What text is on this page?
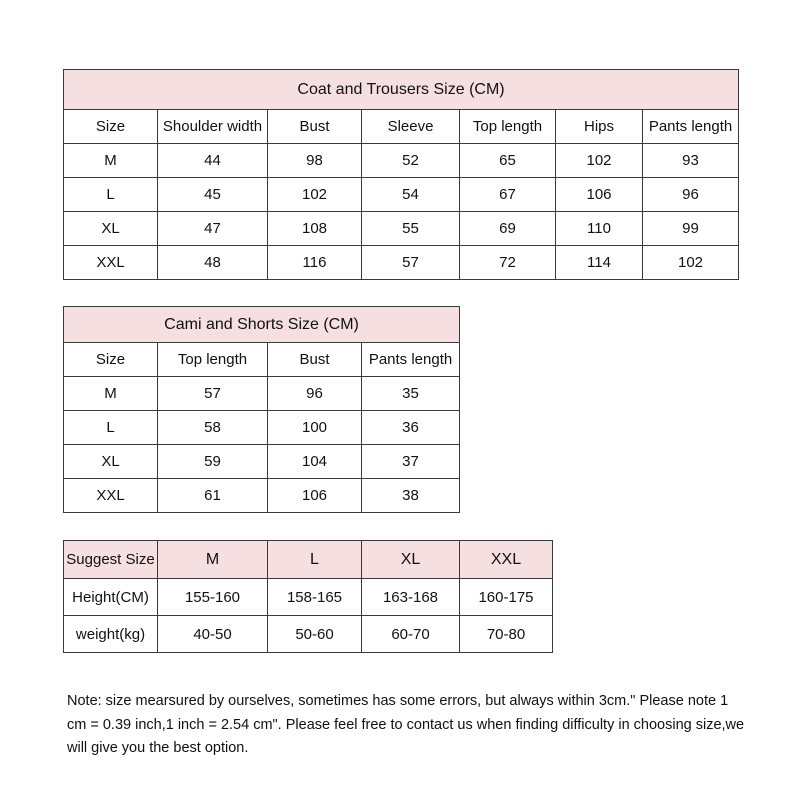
Coat and Trousers Size (CM)						
Size	Shoulder width	Bust	Sleeve	Top length	Hips	Pants length
M	44	98	52	65	102	93
L	45	102	54	67	106	96
XL	47	108	55	69	110	99
XXL	48	116	57	72	114	102
Cami and Shorts Size (CM)			
Size	Top length	Bust	Pants length
M	57	96	35
L	58	100	36
XL	59	104	37
XXL	61	106	38
Suggest Size	M	L	XL	XXL
Height(CM)	155-160	158-165	163-168	160-175
weight(kg)	40-50	50-60	60-70	70-80

Note: size mearsured by ourselves, sometimes has some errors, but always within 3cm." Please note 1 cm = 0.39 inch,1 inch = 2.54 cm". Please feel free to contact us when finding difficulty in choosing size,we will give you the best option.
